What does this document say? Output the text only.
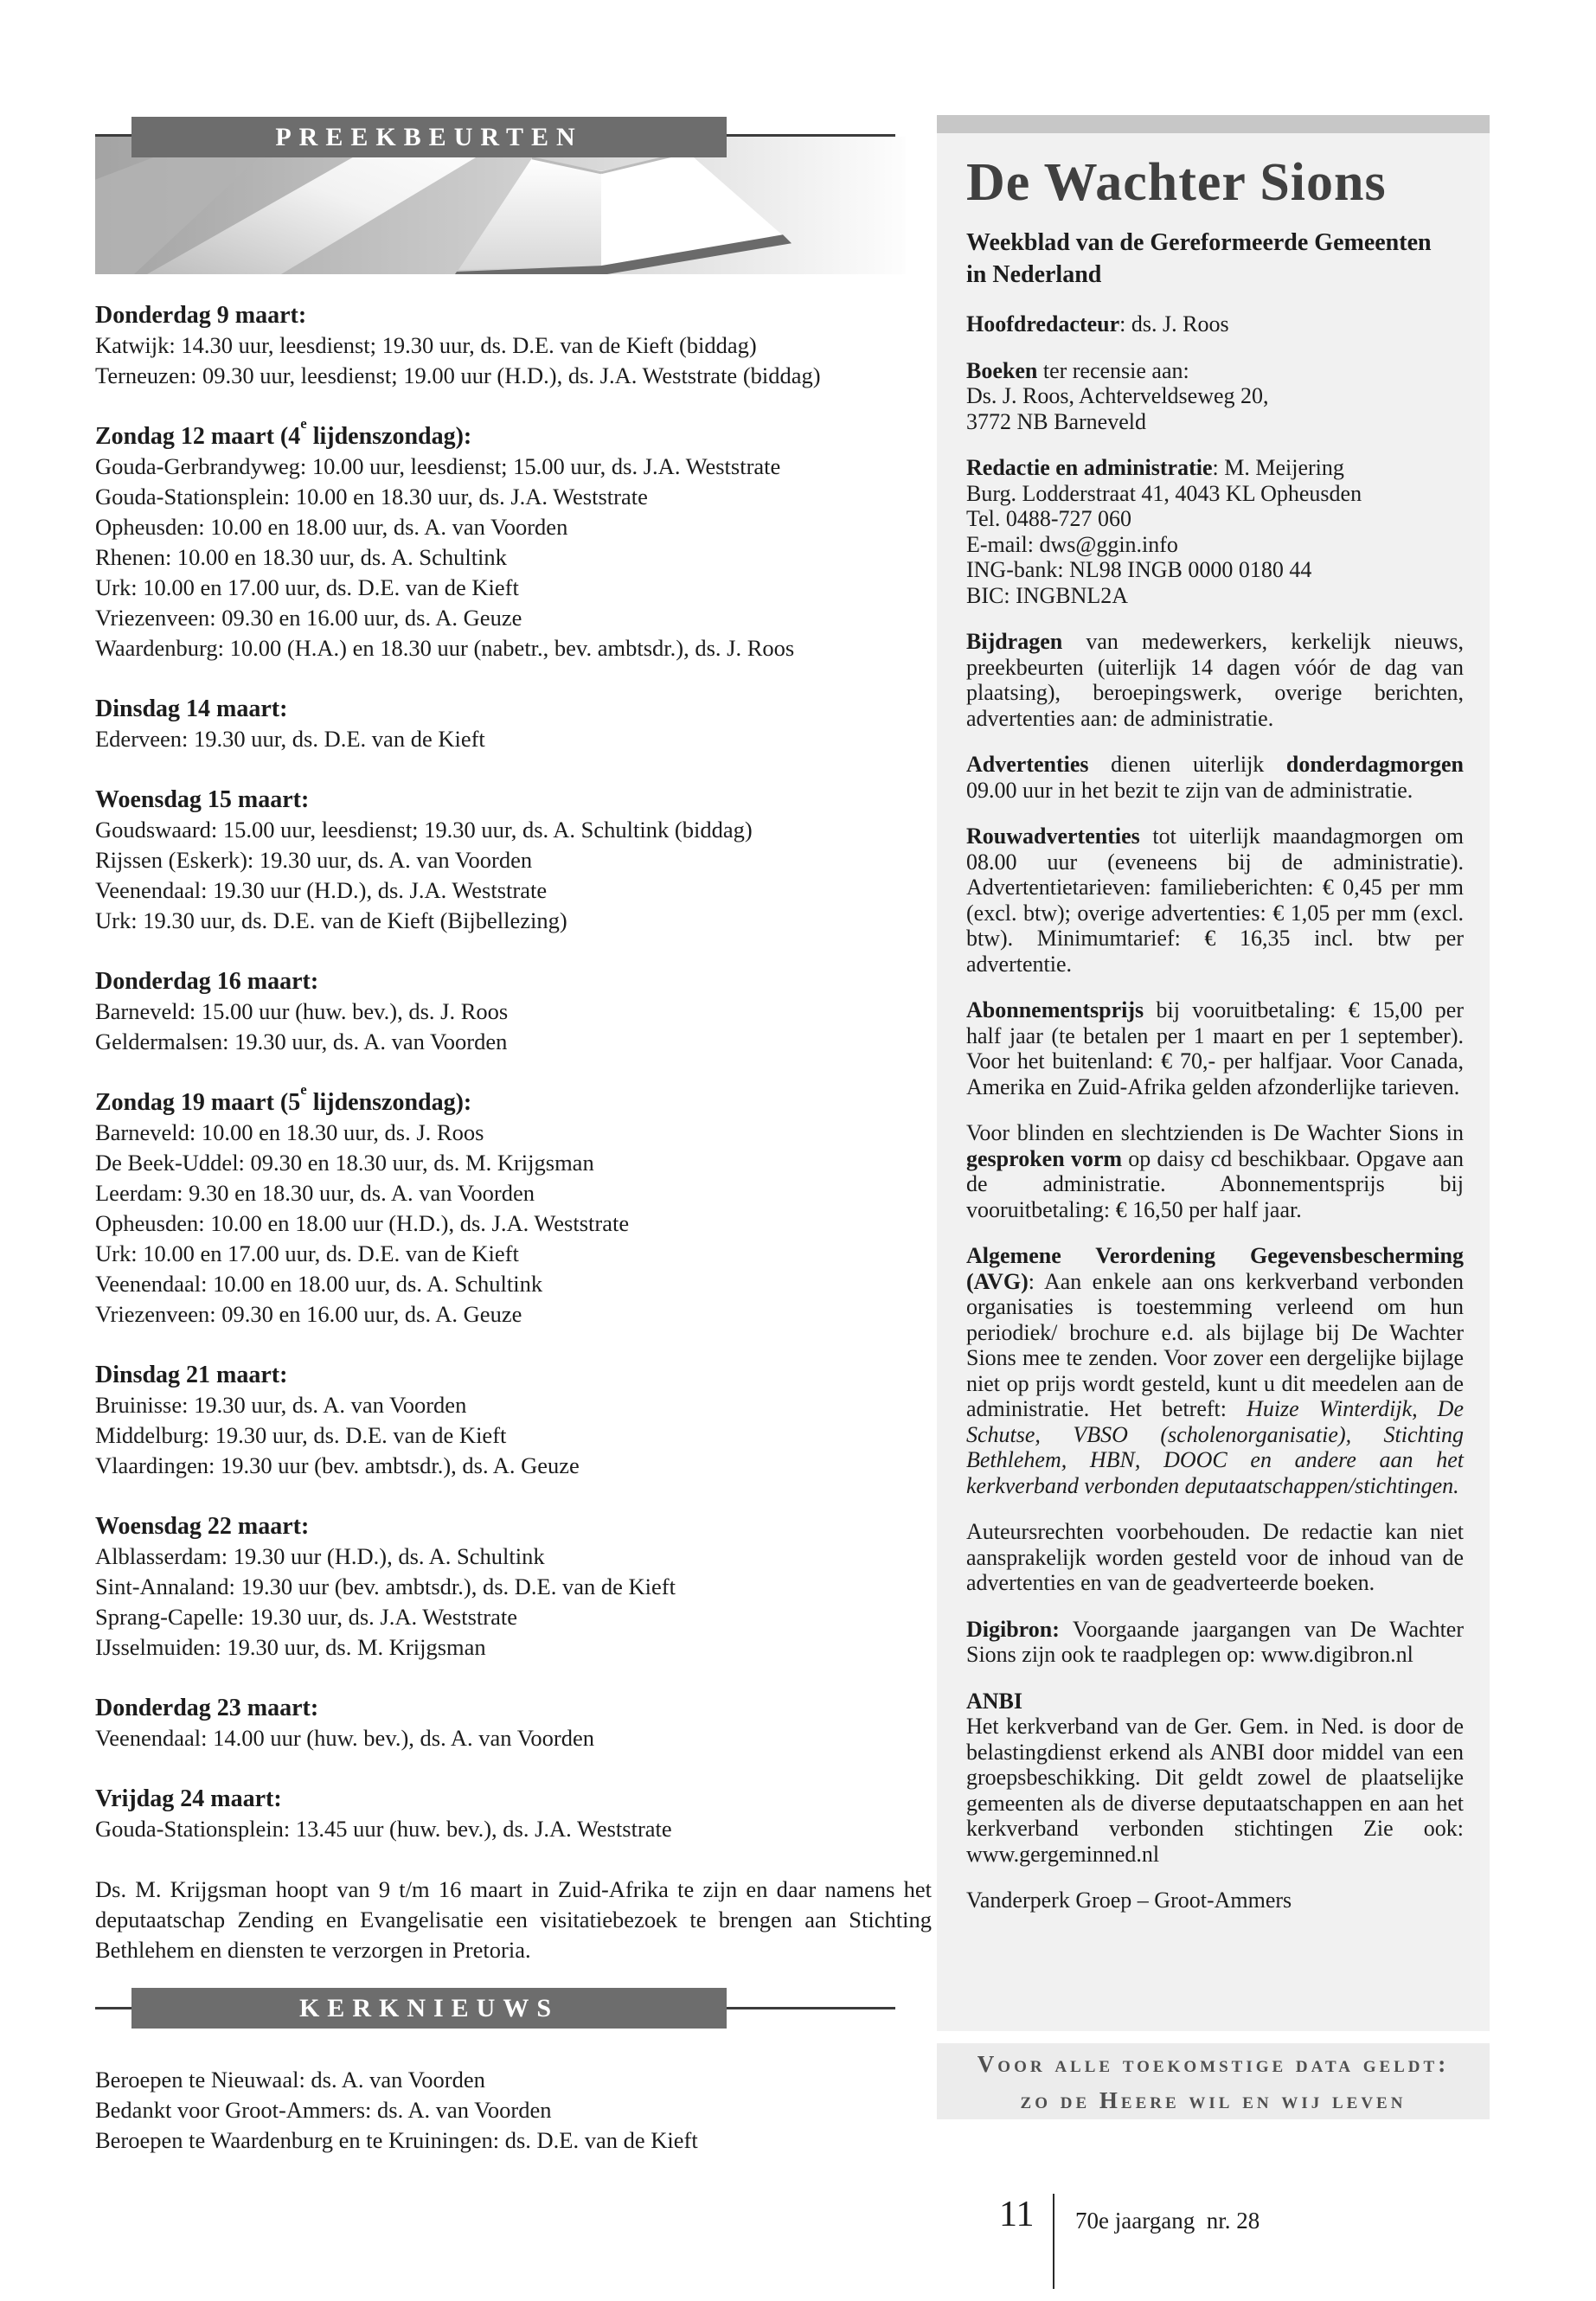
PREEKBEURTEN
Donderdag 9 maart:
Katwijk: 14.30 uur, leesdienst; 19.30 uur, ds. D.E. van de Kieft (biddag)
Terneuzen: 09.30 uur, leesdienst; 19.00 uur (H.D.), ds. J.A. Weststrate (biddag)
Zondag 12 maart (4e lijdenszondag):
Gouda-Gerbrandyweg: 10.00 uur, leesdienst; 15.00 uur, ds. J.A. Weststrate
Gouda-Stationsplein: 10.00 en 18.30 uur, ds. J.A. Weststrate
Opheusden: 10.00 en 18.00 uur, ds. A. van Voorden
Rhenen: 10.00 en 18.30 uur, ds. A. Schultink
Urk: 10.00 en 17.00 uur, ds. D.E. van de Kieft
Vriezenveen: 09.30 en 16.00 uur, ds. A. Geuze
Waardenburg: 10.00 (H.A.) en 18.30 uur (nabetr., bev. ambtsdr.), ds. J. Roos
Dinsdag 14 maart:
Ederveen: 19.30 uur, ds. D.E. van de Kieft
Woensdag 15 maart:
Goudswaard: 15.00 uur, leesdienst; 19.30 uur, ds. A. Schultink (biddag)
Rijssen (Eskerk): 19.30 uur, ds. A. van Voorden
Veenendaal: 19.30 uur (H.D.), ds. J.A. Weststrate
Urk: 19.30 uur, ds. D.E. van de Kieft (Bijbellezing)
Donderdag 16 maart:
Barneveld: 15.00 uur (huw. bev.), ds. J. Roos
Geldermalsen: 19.30 uur, ds. A. van Voorden
Zondag 19 maart (5e lijdenszondag):
Barneveld: 10.00 en 18.30 uur, ds. J. Roos
De Beek-Uddel: 09.30 en 18.30 uur, ds. M. Krijgsman
Leerdam: 9.30 en 18.30 uur, ds. A. van Voorden
Opheusden: 10.00 en 18.00 uur (H.D.), ds. J.A. Weststrate
Urk: 10.00 en 17.00 uur, ds. D.E. van de Kieft
Veenendaal: 10.00 en 18.00 uur, ds. A. Schultink
Vriezenveen: 09.30 en 16.00 uur, ds. A. Geuze
Dinsdag 21 maart:
Bruinisse: 19.30 uur, ds. A. van Voorden
Middelburg: 19.30 uur, ds. D.E. van de Kieft
Vlaardingen: 19.30 uur (bev. ambtsdr.), ds. A. Geuze
Woensdag 22 maart:
Alblasserdam: 19.30 uur (H.D.), ds. A. Schultink
Sint-Annaland: 19.30 uur (bev. ambtsdr.), ds. D.E. van de Kieft
Sprang-Capelle: 19.30 uur, ds. J.A. Weststrate
IJsselmuiden: 19.30 uur, ds. M. Krijgsman
Donderdag 23 maart:
Veenendaal: 14.00 uur (huw. bev.), ds. A. van Voorden
Vrijdag 24 maart:
Gouda-Stationsplein: 13.45 uur (huw. bev.), ds. J.A. Weststrate

Ds. M. Krijgsman hoopt van 9 t/m 16 maart in Zuid-Afrika te zijn en daar namens het deputaatschap Zending en Evangelisatie een visitatiebezoek te brengen aan Stichting Bethlehem en diensten te verzorgen in Pretoria.

KERKNIEUWS
Beroepen te Nieuwaal: ds. A. van Voorden
Bedankt voor Groot-Ammers: ds. A. van Voorden
Beroepen te Waardenburg en te Kruiningen: ds. D.E. van de Kieft
De Wachter Sions
Weekblad van de Gereformeerde Gemeenten
in Nederland

Hoofdredacteur: ds. J. Roos

Boeken ter recensie aan:
Ds. J. Roos, Achterveldseweg 20,
3772 NB Barneveld

Redactie en administratie: M. Meijering
Burg. Lodderstraat 41, 4043 KL Opheusden
Tel. 0488-727 060
E-mail: dws@ggin.info
ING-bank: NL98 INGB 0000 0180 44
BIC: INGBNL2A

Bijdragen van medewerkers, kerkelijk nieuws, preekbeurten (uiterlijk 14 dagen vóór de dag van plaatsing), beroepingswerk, overige berichten, advertenties aan: de administratie.

Advertenties dienen uiterlijk donderdagmorgen 09.00 uur in het bezit te zijn van de administratie.

Rouwadvertenties tot uiterlijk maandagmorgen om 08.00 uur (eveneens bij de administratie). Advertentietarieven: familieberichten: € 0,45 per mm (excl. btw); overige advertenties: € 1,05 per mm (excl. btw). Minimumtarief: € 16,35 incl. btw per advertentie.

Abonnementsprijs bij vooruitbetaling: € 15,00 per half jaar (te betalen per 1 maart en per 1 september). Voor het buitenland: € 70,- per halfjaar. Voor Canada, Amerika en Zuid-Afrika gelden afzonderlijke tarieven.

Voor blinden en slechtzienden is De Wachter Sions in gesproken vorm op daisy cd beschikbaar. Opgave aan de administratie. Abonnementsprijs bij vooruitbetaling: € 16,50 per half jaar.

Algemene Verordening Gegevensbescherming (AVG): Aan enkele aan ons kerkverband verbonden organisaties is toestemming verleend om hun periodiek/ brochure e.d. als bijlage bij De Wachter Sions mee te zenden. Voor zover een dergelijke bijlage niet op prijs wordt gesteld, kunt u dit meedelen aan de administratie. Het betreft: Huize Winterdijk, De Schutse, VBSO (scholenorganisatie), Stichting Bethlehem, HBN, DOOC en andere aan het kerkverband verbonden deputaatschappen/stichtingen.

Auteursrechten voorbehouden. De redactie kan niet aansprakelijk worden gesteld voor de inhoud van de advertenties en van de geadverteerde boeken.

Digibron: Voorgaande jaargangen van De Wachter Sions zijn ook te raadplegen op: www.digibron.nl

ANBI
Het kerkverband van de Ger. Gem. in Ned. is door de belastingdienst erkend als ANBI door middel van een groepsbeschikking. Dit geldt zowel de plaatselijke gemeenten als de diverse deputaatschappen en aan het kerkverband verbonden stichtingen Zie ook: www.gergeminned.nl

Vanderperk Groep – Groot-Ammers

Voor alle toekomstige data geldt:
zo de Heere wil en wij leven
11 70e jaargang  nr. 28
